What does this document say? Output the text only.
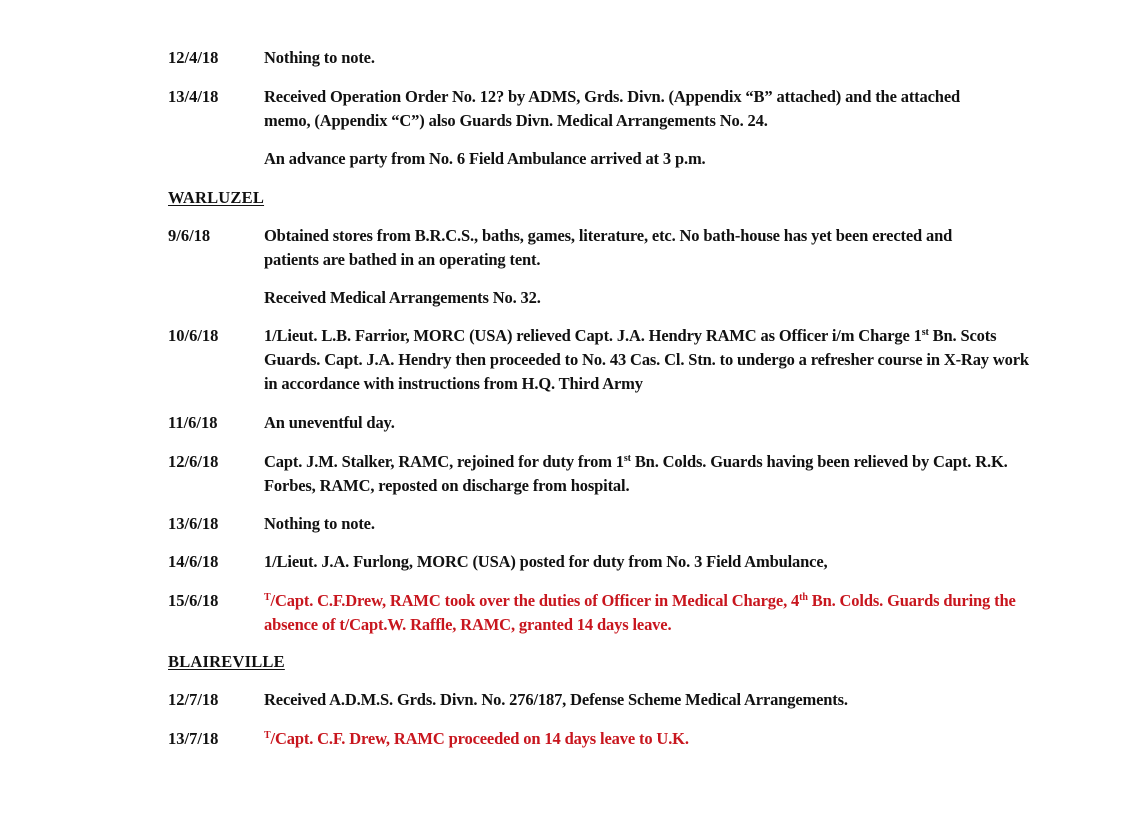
12/4/18	Nothing to note.
13/4/18	Received Operation Order No. 12? by ADMS, Grds. Divn. (Appendix “B” attached) and the attached memo, (Appendix “C”) also Guards Divn. Medical Arrangements No. 24.
An advance party from No. 6 Field Ambulance arrived at 3 p.m.
WARLUZEL
9/6/18	Obtained stores from B.R.C.S., baths, games, literature, etc. No bath-house has yet been erected and patients are bathed in an operating tent.
Received Medical Arrangements No. 32.
10/6/18	1/Lieut. L.B. Farrior, MORC (USA) relieved Capt. J.A. Hendry RAMC as Officer i/m Charge 1st Bn. Scots Guards. Capt. J.A. Hendry then proceeded to No. 43 Cas. Cl. Stn. to undergo a refresher course in X-Ray work in accordance with instructions from H.Q. Third Army
11/6/18	An uneventful day.
12/6/18	Capt. J.M. Stalker, RAMC, rejoined for duty from 1st Bn. Colds. Guards having been relieved by Capt. R.K. Forbes, RAMC, reposted on discharge from hospital.
13/6/18	Nothing to note.
14/6/18	1/Lieut. J.A. Furlong, MORC (USA) posted for duty from No. 3 Field Ambulance,
15/6/18	$^T$/Capt. C.F.Drew, RAMC took over the duties of Officer in Medical Charge, 4th Bn. Colds. Guards during the absence of t/Capt.W. Raffle, RAMC, granted 14 days leave.
BLAIREVILLE
12/7/18	Received A.D.M.S. Grds. Divn. No. 276/187, Defense Scheme Medical Arrangements.
13/7/18	$^T$/Capt. C.F. Drew, RAMC proceeded on 14 days leave to U.K.
